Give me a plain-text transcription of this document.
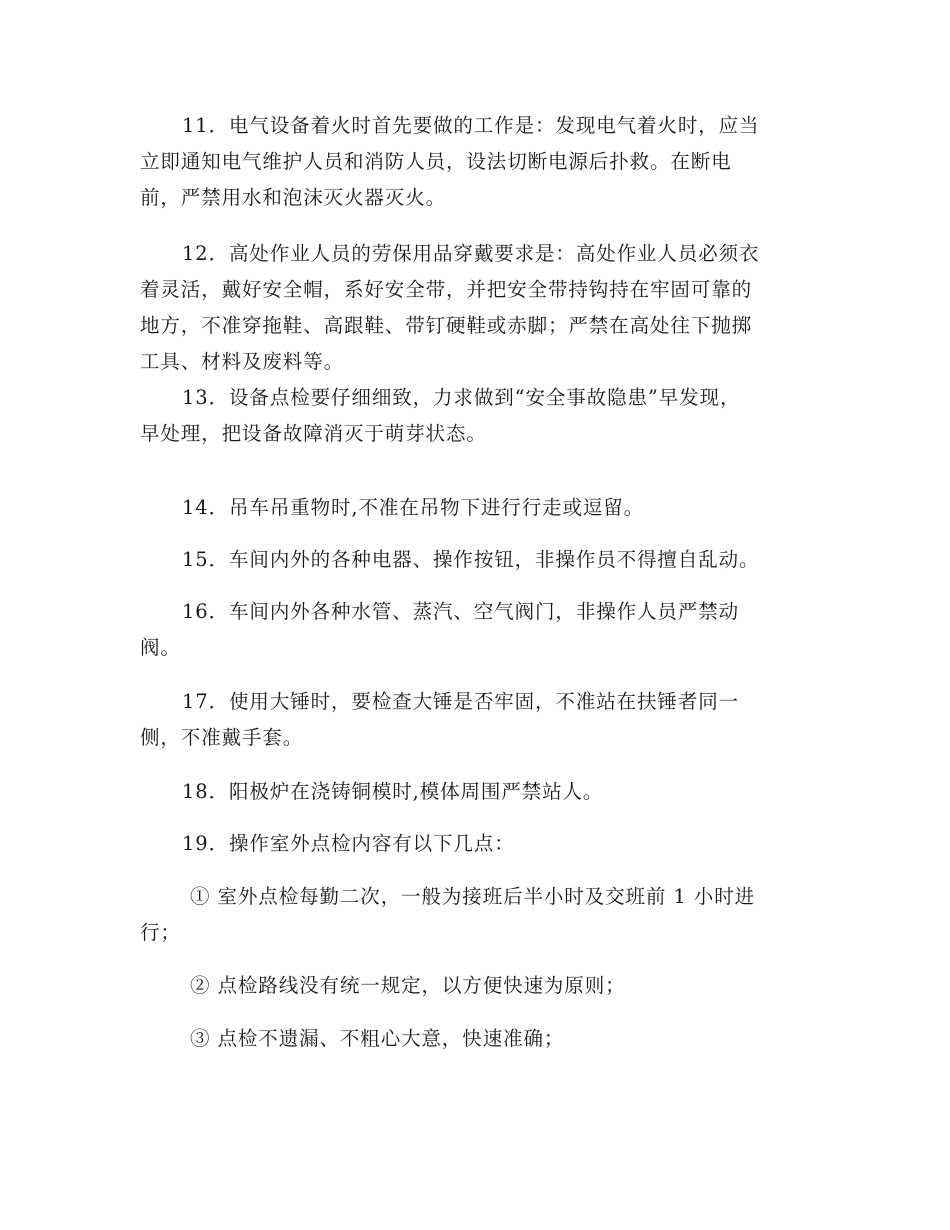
11．电气设备着火时首先要做的工作是：发现电气着火时，应当
立即通知电气维护人员和消防人员，设法切断电源后扑救。在断电
前，严禁用水和泡沫灭火器灭火。
12．高处作业人员的劳保用品穿戴要求是：高处作业人员必须衣
着灵活，戴好安全帽，系好安全带，并把安全带持钩持在牢固可靠的
地方，不准穿拖鞋、高跟鞋、带钉硬鞋或赤脚；严禁在高处往下抛掷
工具、材料及废料等。
13．设备点检要仔细细致，力求做到“安全事故隐患”早发现，
早处理，把设备故障消灭于萌芽状态。
14．吊车吊重物时,不准在吊物下进行行走或逗留。
15．车间内外的各种电器、操作按钮，非操作员不得擅自乱动。
16．车间内外各种水管、蒸汽、空气阀门，非操作人员严禁动
阀。
17．使用大锤时，要检查大锤是否牢固，不准站在扶锤者同一
侧，不准戴手套。
18．阳极炉在浇铸铜模时,模体周围严禁站人。
19．操作室外点检内容有以下几点：
① 室外点检每勤二次，一般为接班后半小时及交班前 1 小时进
行；
② 点检路线没有统一规定，以方便快速为原则；
③ 点检不遗漏、不粗心大意，快速准确；
